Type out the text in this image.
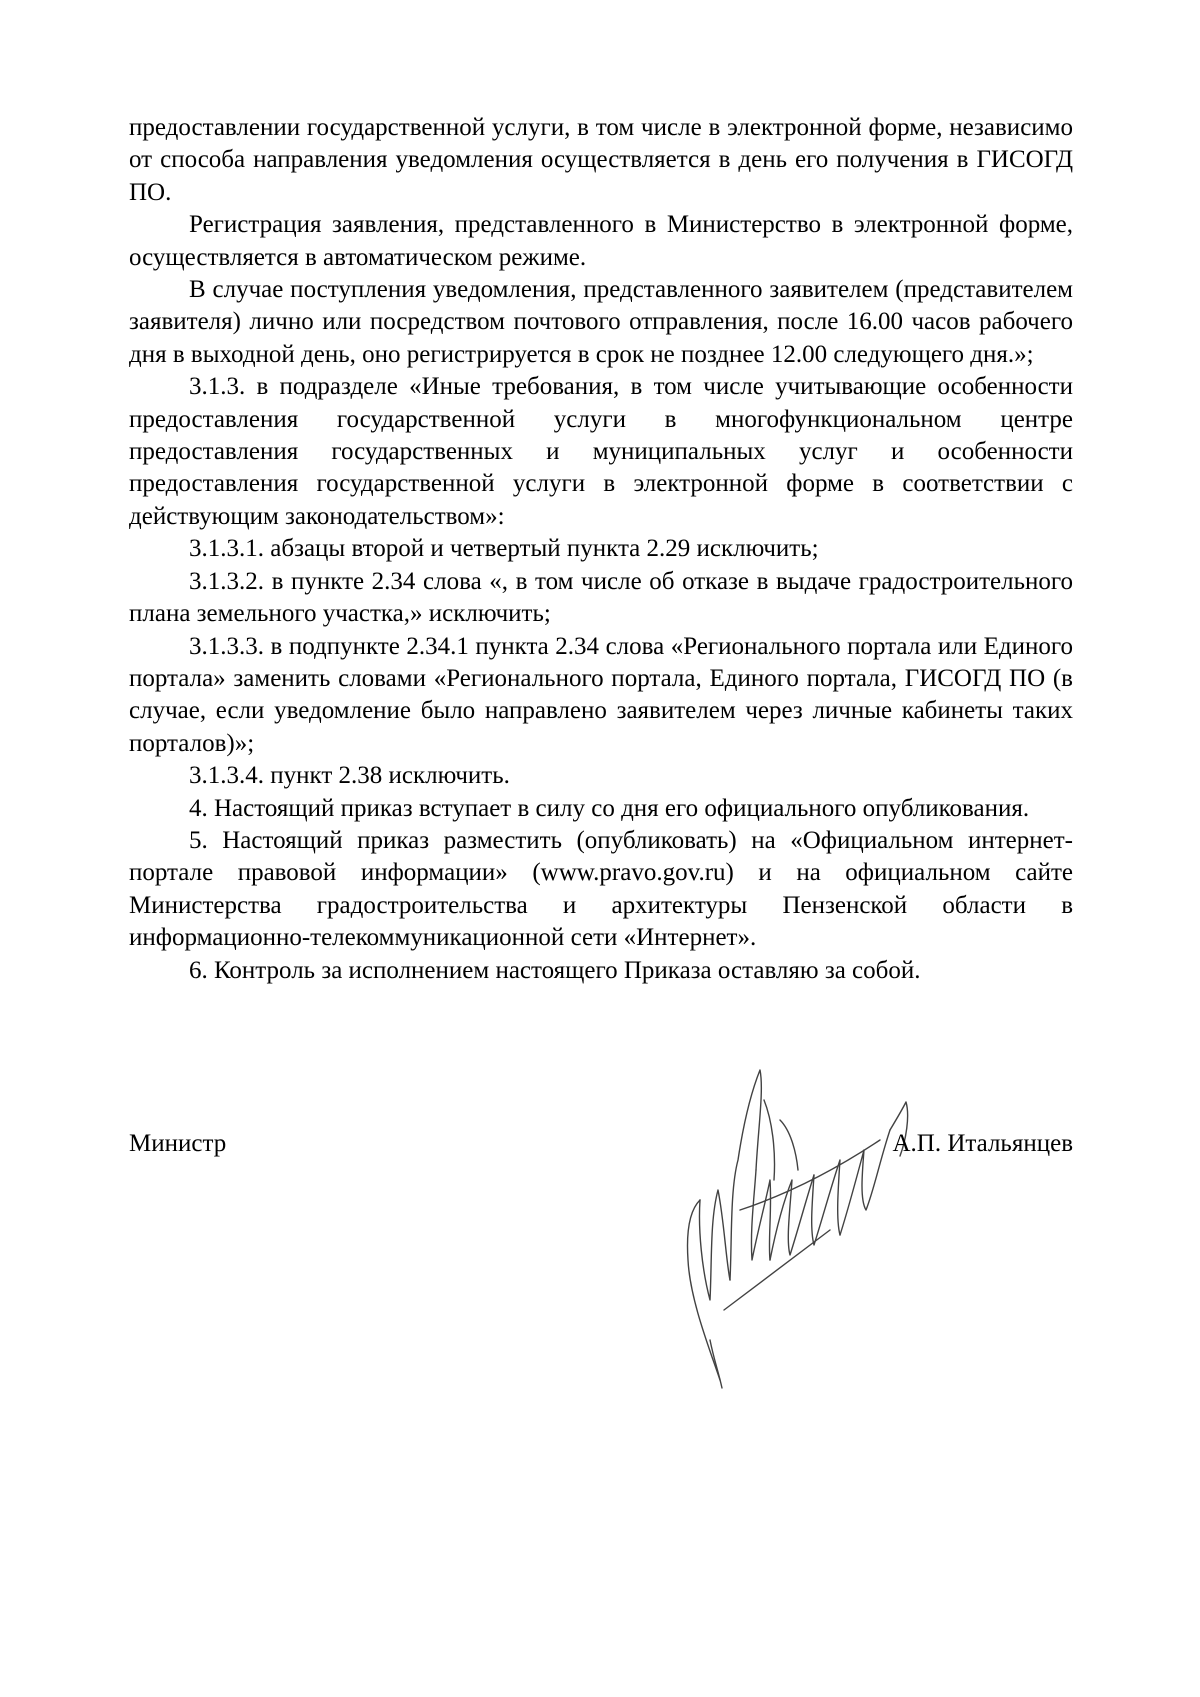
предоставлении государственной услуги, в том числе в электронной форме, независимо от способа направления уведомления осуществляется в день его получения в ГИСОГД ПО.

Регистрация заявления, представленного в Министерство в электронной форме, осуществляется в автоматическом режиме.

В случае поступления уведомления, представленного заявителем (представителем заявителя) лично или посредством почтового отправления, после 16.00 часов рабочего дня в выходной день, оно регистрируется в срок не позднее 12.00 следующего дня.»;

3.1.3. в подразделе «Иные требования, в том числе учитывающие особенности предоставления государственной услуги в многофункциональном центре предоставления государственных и муниципальных услуг и особенности предоставления государственной услуги в электронной форме в соответствии с действующим законодательством»:

3.1.3.1. абзацы второй и четвертый пункта 2.29 исключить;

3.1.3.2. в пункте 2.34 слова «, в том числе об отказе в выдаче градостроительного плана земельного участка,» исключить;

3.1.3.3. в подпункте 2.34.1 пункта 2.34 слова «Регионального портала или Единого портала» заменить словами «Регионального портала, Единого портала, ГИСОГД ПО (в случае, если уведомление было направлено заявителем через личные кабинеты таких порталов)»;

3.1.3.4. пункт 2.38 исключить.

4. Настоящий приказ вступает в силу со дня его официального опубликования.

5. Настоящий приказ разместить (опубликовать) на «Официальном интернет-портале правовой информации» (www.pravo.gov.ru) и на официальном сайте Министерства градостроительства и архитектуры Пензенской области в информационно-телекоммуникационной сети «Интернет».

6. Контроль за исполнением настоящего Приказа оставляю за собой.

Министр	А.П. Итальянцев
